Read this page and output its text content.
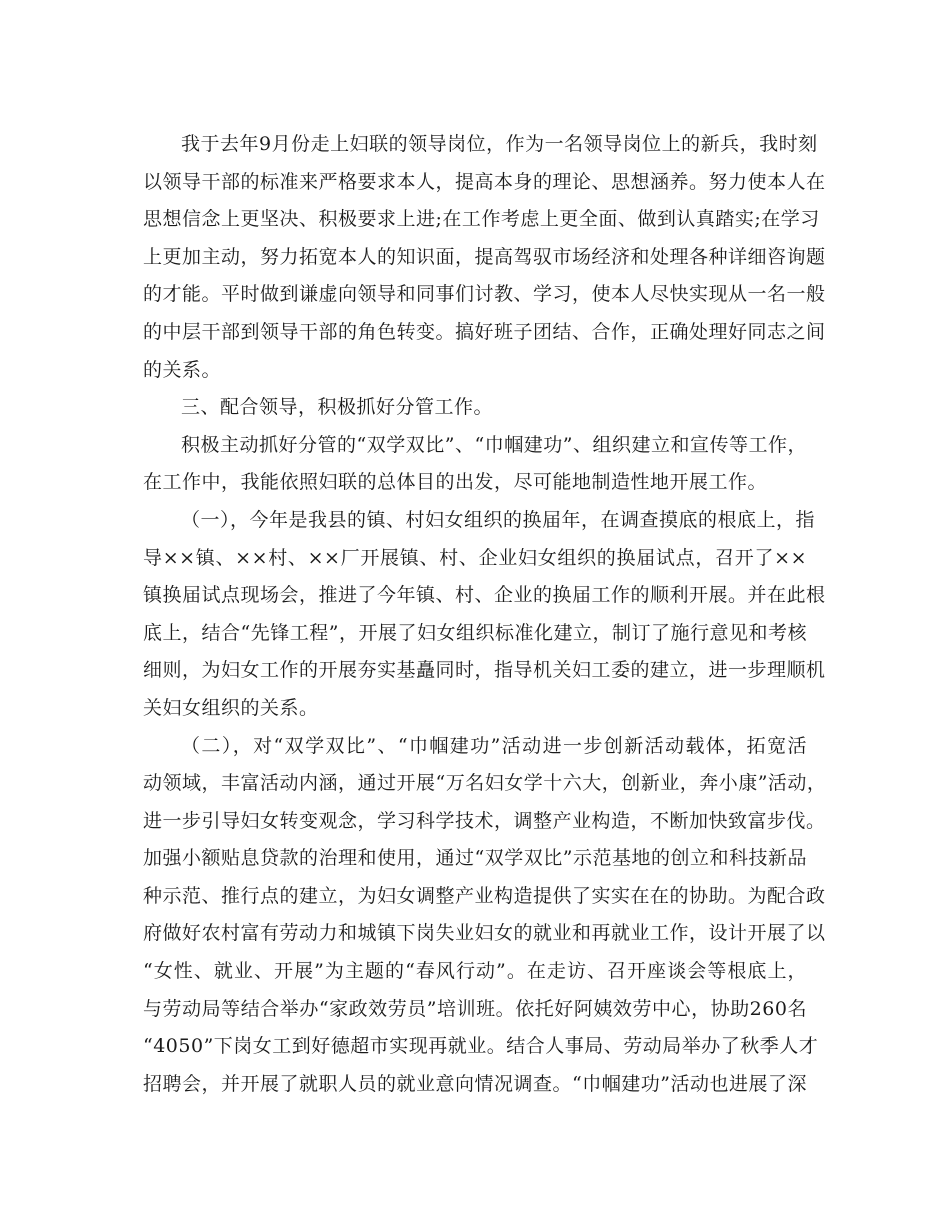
我于去年9月份走上妇联的领导岗位，作为一名领导岗位上的新兵，我时刻
以领导干部的标准来严格要求本人，提高本身的理论、思想涵养。努力使本人在
思想信念上更坚决、积极要求上进;在工作考虑上更全面、做到认真踏实;在学习
上更加主动，努力拓宽本人的知识面，提高驾驭市场经济和处理各种详细咨询题
的才能。平时做到谦虚向领导和同事们讨教、学习，使本人尽快实现从一名一般
的中层干部到领导干部的角色转变。搞好班子团结、合作，正确处理好同志之间
的关系。
三、配合领导，积极抓好分管工作。
积极主动抓好分管的“双学双比”、“巾帼建功”、组织建立和宣传等工作，
在工作中，我能依照妇联的总体目的出发，尽可能地制造性地开展工作。
（一），今年是我县的镇、村妇女组织的换届年，在调查摸底的根底上，指
导××镇、××村、××厂开展镇、村、企业妇女组织的换届试点，召开了××
镇换届试点现场会，推进了今年镇、村、企业的换届工作的顺利开展。并在此根
底上，结合“先锋工程”，开展了妇女组织标准化建立，制订了施行意见和考核
细则，为妇女工作的开展夯实基矗同时，指导机关妇工委的建立，进一步理顺机
关妇女组织的关系。
（二），对“双学双比”、“巾帼建功”活动进一步创新活动载体，拓宽活
动领域，丰富活动内涵，通过开展“万名妇女学十六大，创新业，奔小康”活动，
进一步引导妇女转变观念，学习科学技术，调整产业构造，不断加快致富步伐。
加强小额贴息贷款的治理和使用，通过“双学双比”示范基地的创立和科技新品
种示范、推行点的建立，为妇女调整产业构造提供了实实在在的协助。为配合政
府做好农村富有劳动力和城镇下岗失业妇女的就业和再就业工作，设计开展了以
“女性、就业、开展”为主题的“春风行动”。在走访、召开座谈会等根底上，
与劳动局等结合举办“家政效劳员”培训班。依托好阿姨效劳中心，协助260名
“4050”下岗女工到好德超市实现再就业。结合人事局、劳动局举办了秋季人才
招聘会，并开展了就职人员的就业意向情况调查。“巾帼建功”活动也进展了深
